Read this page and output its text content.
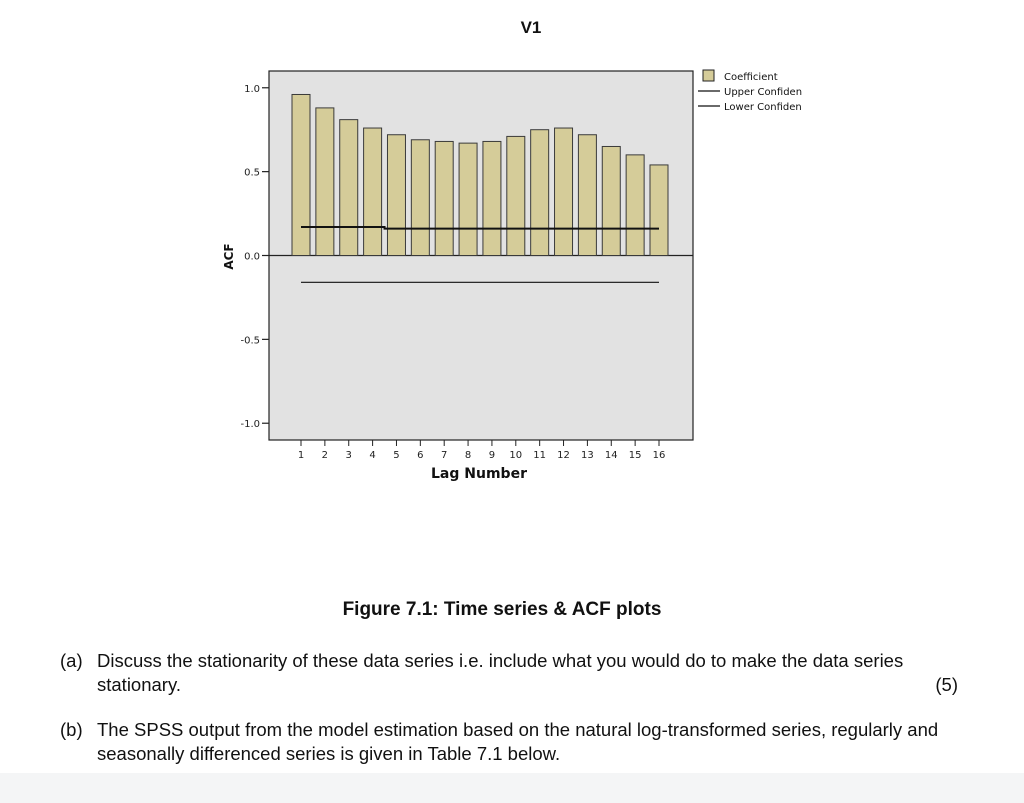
V1
1.0
0.5
0.0
-0.5
-1.0
ACF
1 2 3 4 5 6 7 8 9 10 11 12 13 14 15 16
Lag Number
Coefficient
Upper Confiden
Lower Confiden
Figure 7.1: Time series & ACF plots
(a) Discuss the stationarity of these data series i.e. include what you would do to make the data series stationary.	(5)
(b) The SPSS output from the model estimation based on the natural log-transformed series, regularly and seasonally differenced series is given in Table 7.1 below.
